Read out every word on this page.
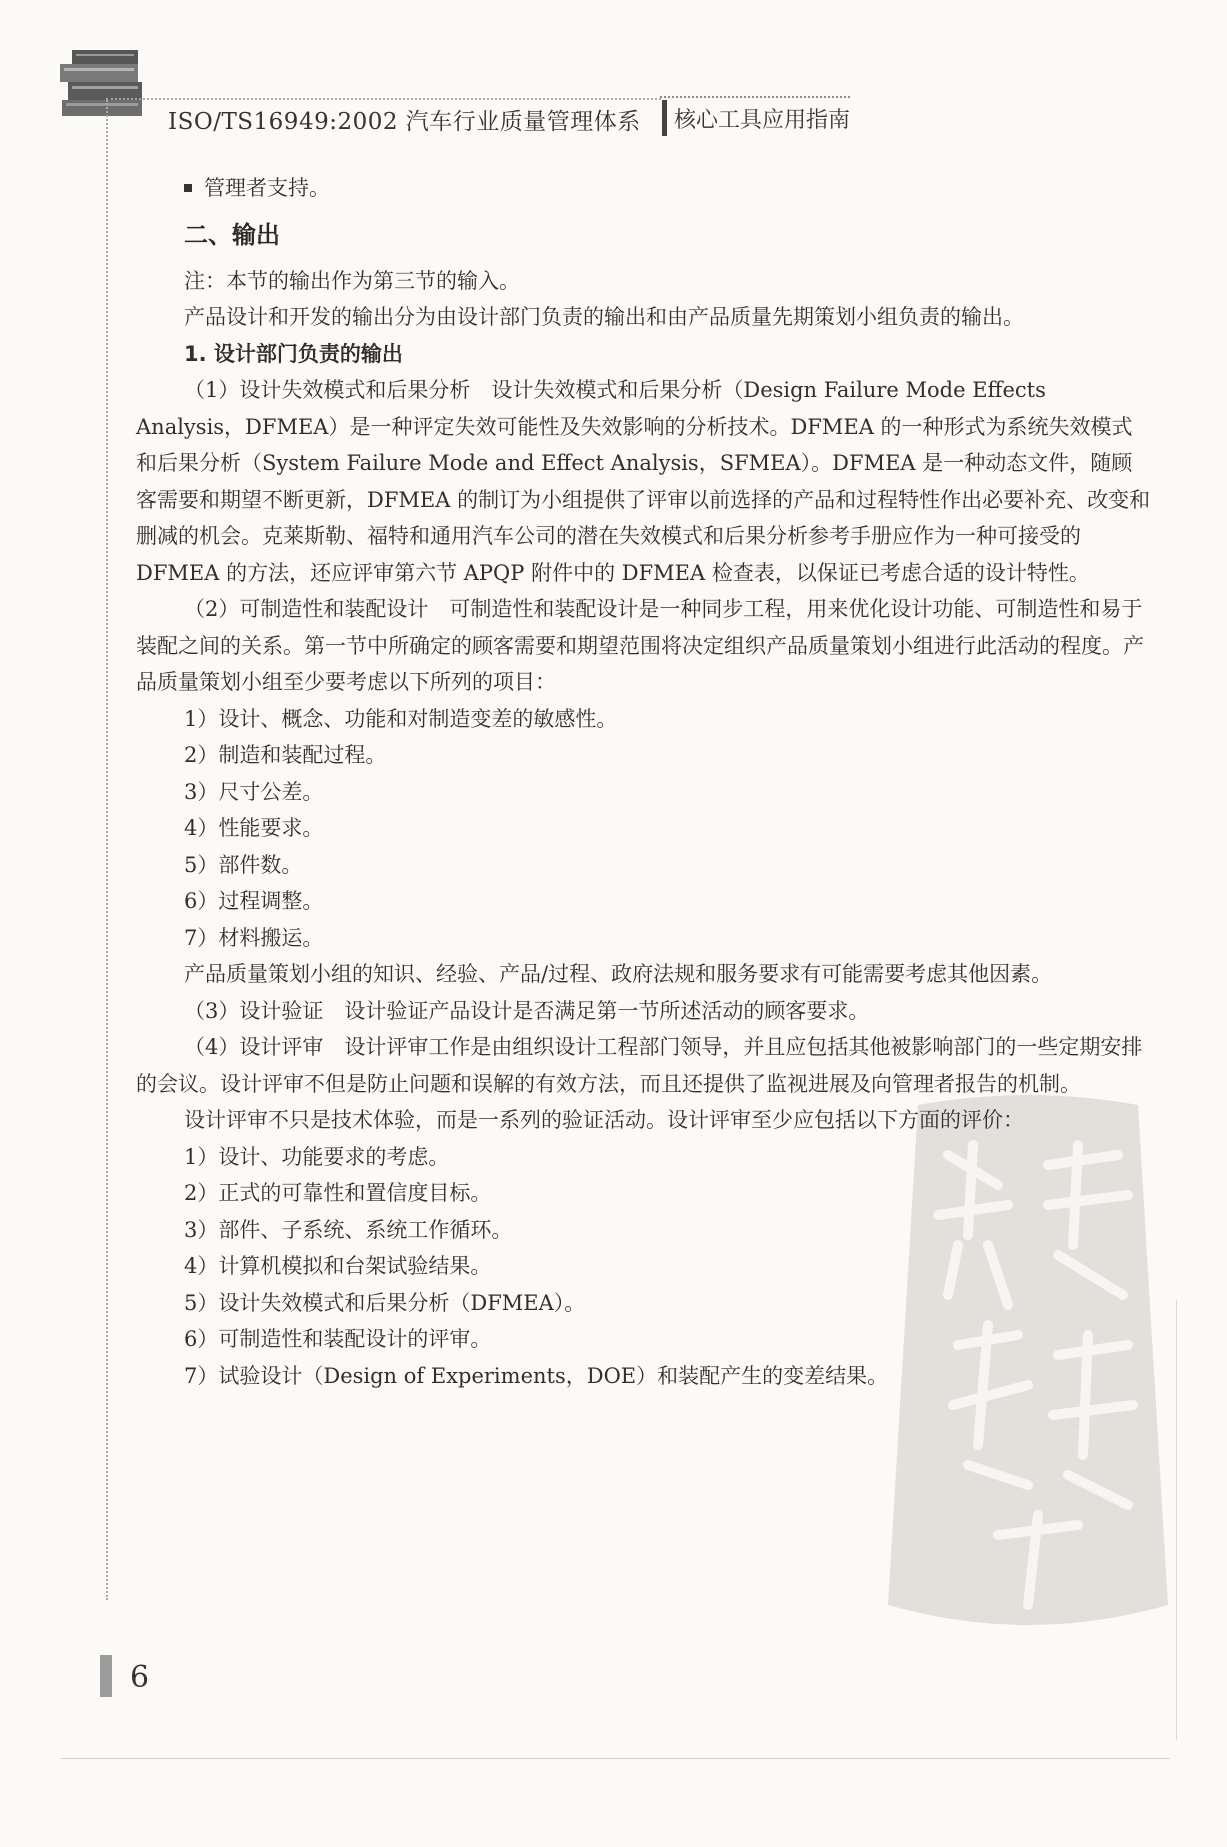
ISO/TS16949:2002 汽车行业质量管理体系 核心工具应用指南

管理者支持。

二、输出

注：本节的输出作为第三节的输入。

产品设计和开发的输出分为由设计部门负责的输出和由产品质量先期策划小组负责的输出。

1. 设计部门负责的输出

（1）设计失效模式和后果分析　设计失效模式和后果分析（Design Failure Mode Effects Analysis，DFMEA）是一种评定失效可能性及失效影响的分析技术。DFMEA 的一种形式为系统失效模式和后果分析（System Failure Mode and Effect Analysis，SFMEA）。DFMEA 是一种动态文件，随顾客需要和期望不断更新，DFMEA 的制订为小组提供了评审以前选择的产品和过程特性作出必要补充、改变和删减的机会。克莱斯勒、福特和通用汽车公司的潜在失效模式和后果分析参考手册应作为一种可接受的 DFMEA 的方法，还应评审第六节 APQP 附件中的 DFMEA 检查表，以保证已考虑合适的设计特性。

（2）可制造性和装配设计　可制造性和装配设计是一种同步工程，用来优化设计功能、可制造性和易于装配之间的关系。第一节中所确定的顾客需要和期望范围将决定组织产品质量策划小组进行此活动的程度。产品质量策划小组至少要考虑以下所列的项目：

1）设计、概念、功能和对制造变差的敏感性。

2）制造和装配过程。

3）尺寸公差。

4）性能要求。

5）部件数。

6）过程调整。

7）材料搬运。

产品质量策划小组的知识、经验、产品/过程、政府法规和服务要求有可能需要考虑其他因素。

（3）设计验证　设计验证产品设计是否满足第一节所述活动的顾客要求。

（4）设计评审　设计评审工作是由组织设计工程部门领导，并且应包括其他被影响部门的一些定期安排的会议。设计评审不但是防止问题和误解的有效方法，而且还提供了监视进展及向管理者报告的机制。

设计评审不只是技术体验，而是一系列的验证活动。设计评审至少应包括以下方面的评价：

1）设计、功能要求的考虑。

2）正式的可靠性和置信度目标。

3）部件、子系统、系统工作循环。

4）计算机模拟和台架试验结果。

5）设计失效模式和后果分析（DFMEA）。

6）可制造性和装配设计的评审。

7）试验设计（Design of Experiments，DOE）和装配产生的变差结果。

6
